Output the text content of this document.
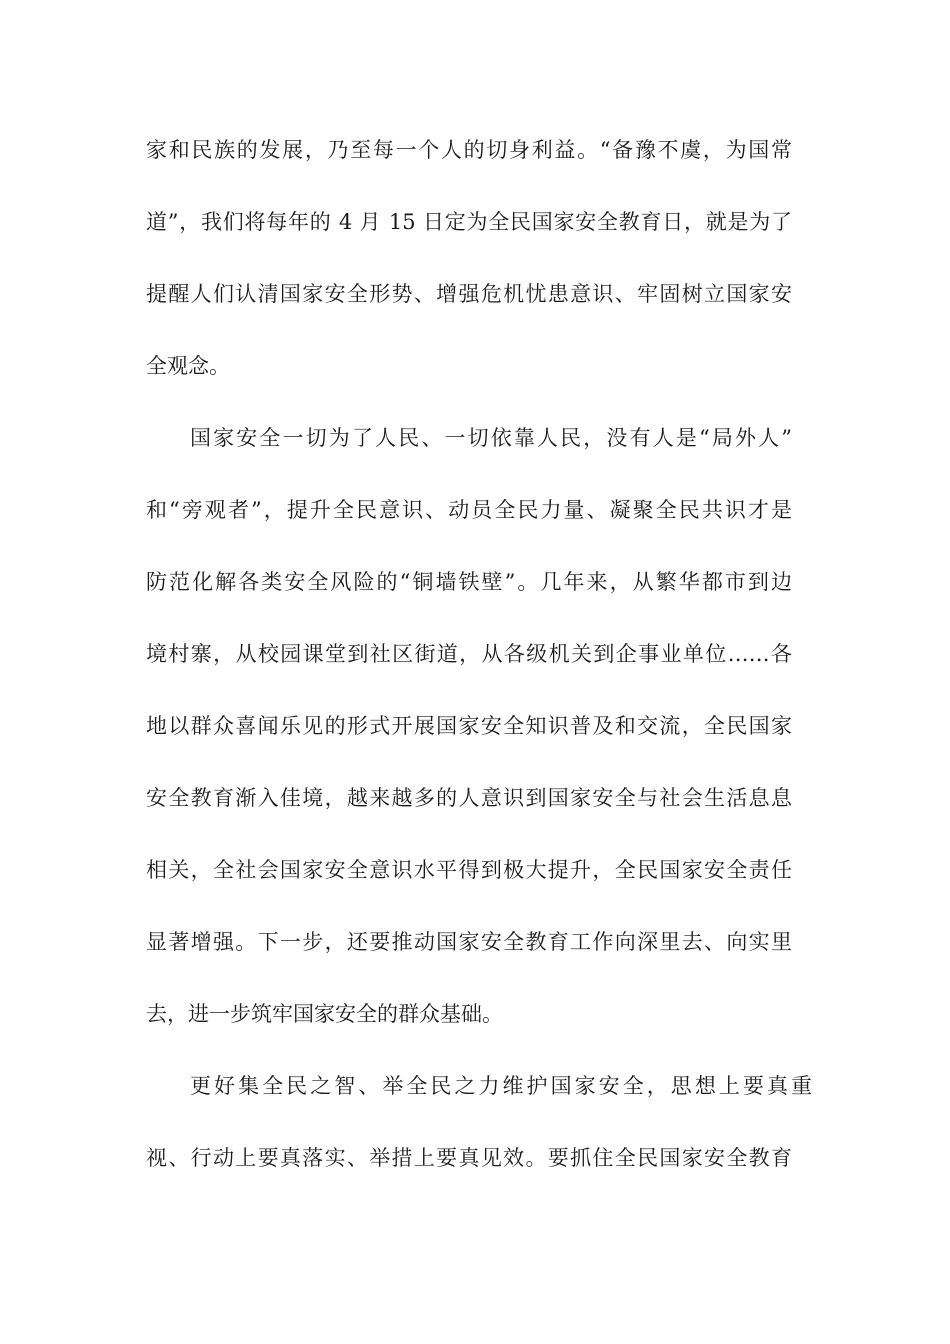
家和民族的发展，乃至每一个人的切身利益。“备豫不虞，为国常
道”，我们将每年的 4 月 15 日定为全民国家安全教育日，就是为了
提醒人们认清国家安全形势、增强危机忧患意识、牢固树立国家安
全观念。
国家安全一切为了人民、一切依靠人民，没有人是“局外人”
和“旁观者”，提升全民意识、动员全民力量、凝聚全民共识才是
防范化解各类安全风险的“铜墙铁壁”。几年来，从繁华都市到边
境村寨，从校园课堂到社区街道，从各级机关到企事业单位……各
地以群众喜闻乐见的形式开展国家安全知识普及和交流，全民国家
安全教育渐入佳境，越来越多的人意识到国家安全与社会生活息息
相关，全社会国家安全意识水平得到极大提升，全民国家安全责任
显著增强。下一步，还要推动国家安全教育工作向深里去、向实里
去，进一步筑牢国家安全的群众基础。
更好集全民之智、举全民之力维护国家安全，思想上要真重
视、行动上要真落实、举措上要真见效。要抓住全民国家安全教育
